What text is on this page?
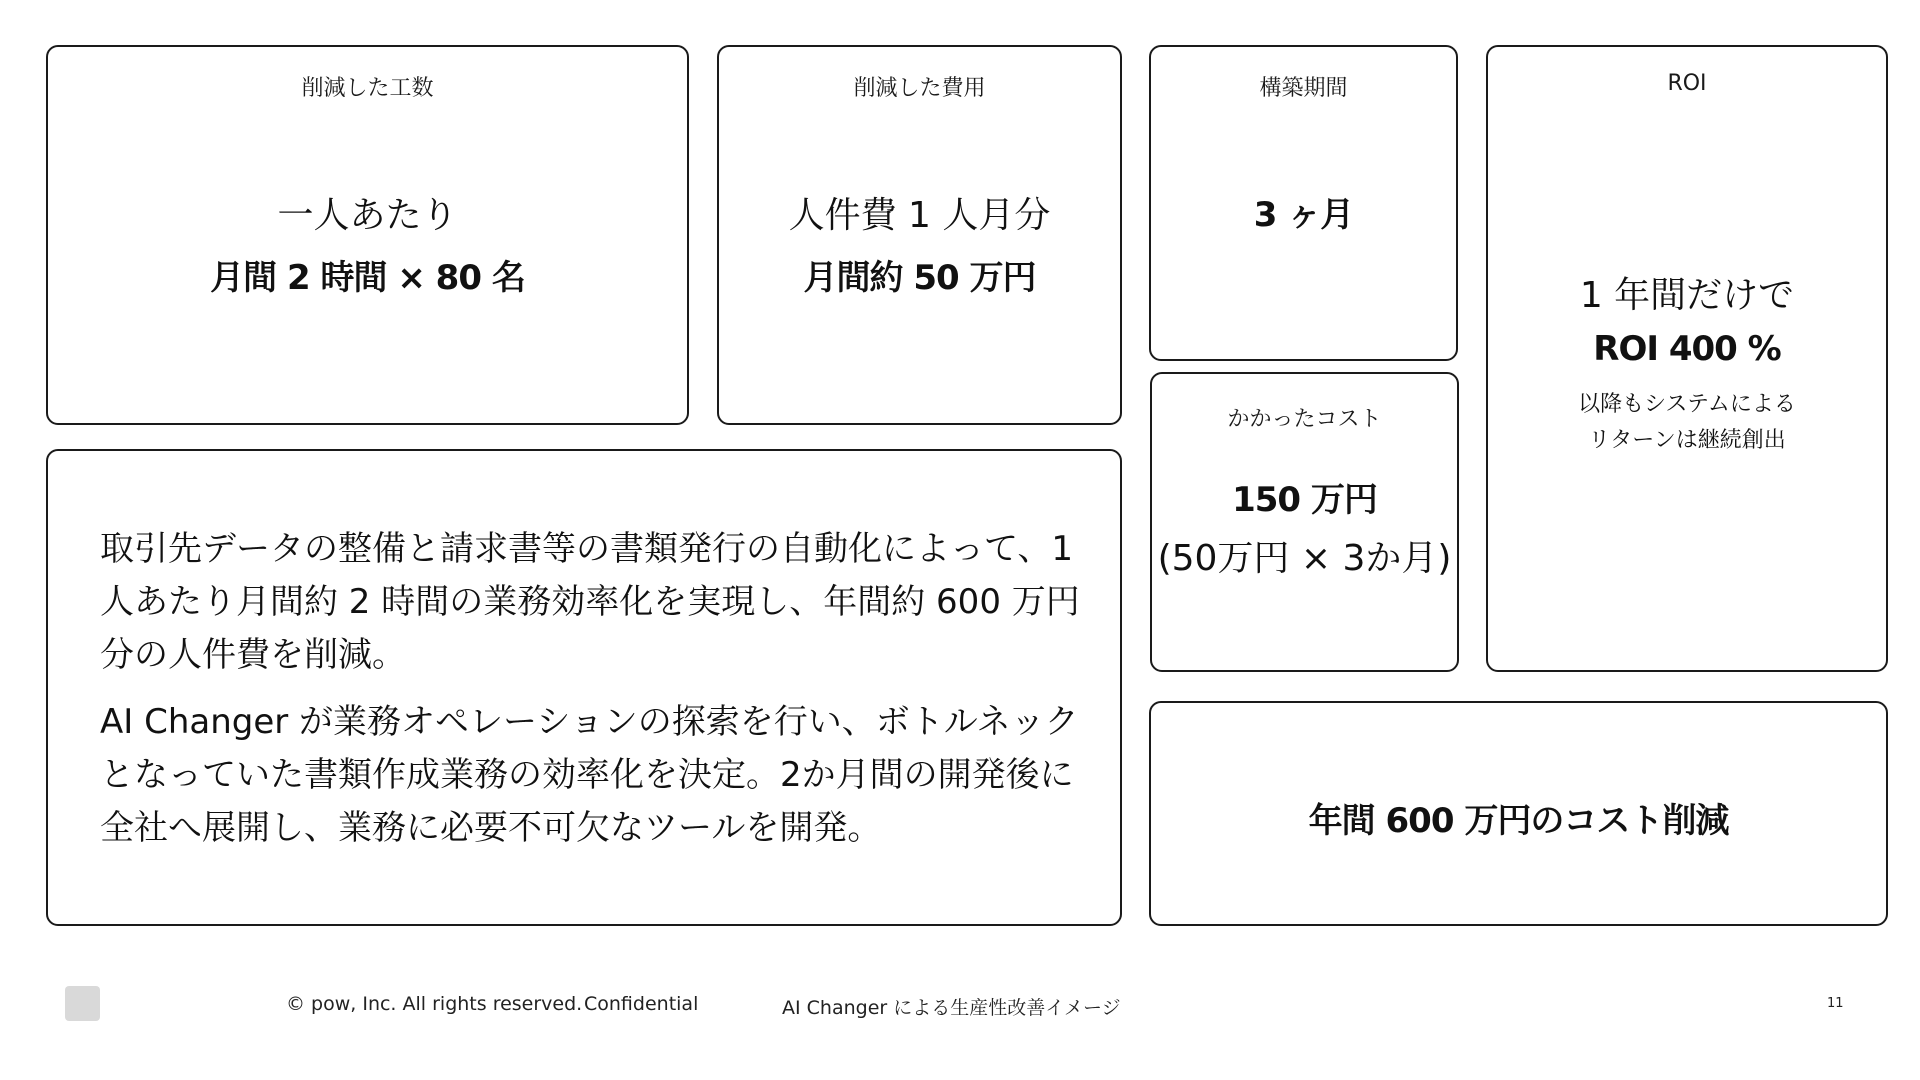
削減した工数
一人あたり
月間 2 時間 × 80 名
削減した費用
人件費 1 人月分
月間約 50 万円
構築期間
3 ヶ月
かかったコスト
150 万円
(50万円 × 3か月)
ROI
1 年間だけで
ROI 400 %
以降もシステムによる
リターンは継続創出
取引先データの整備と請求書等の書類発行の自動化によって、1人あたり月間約 2 時間の業務効率化を実現し、年間約 600 万円分の人件費を削減。
AI Changer が業務オペレーションの探索を行い、ボトルネックとなっていた書類作成業務の効率化を決定。2か月間の開発後に全社へ展開し、業務に必要不可欠なツールを開発。	年間 600 万円のコスト削減
© pow, Inc. All rights reserved. Confidential	AI Changer による生産性改善イメージ	11
